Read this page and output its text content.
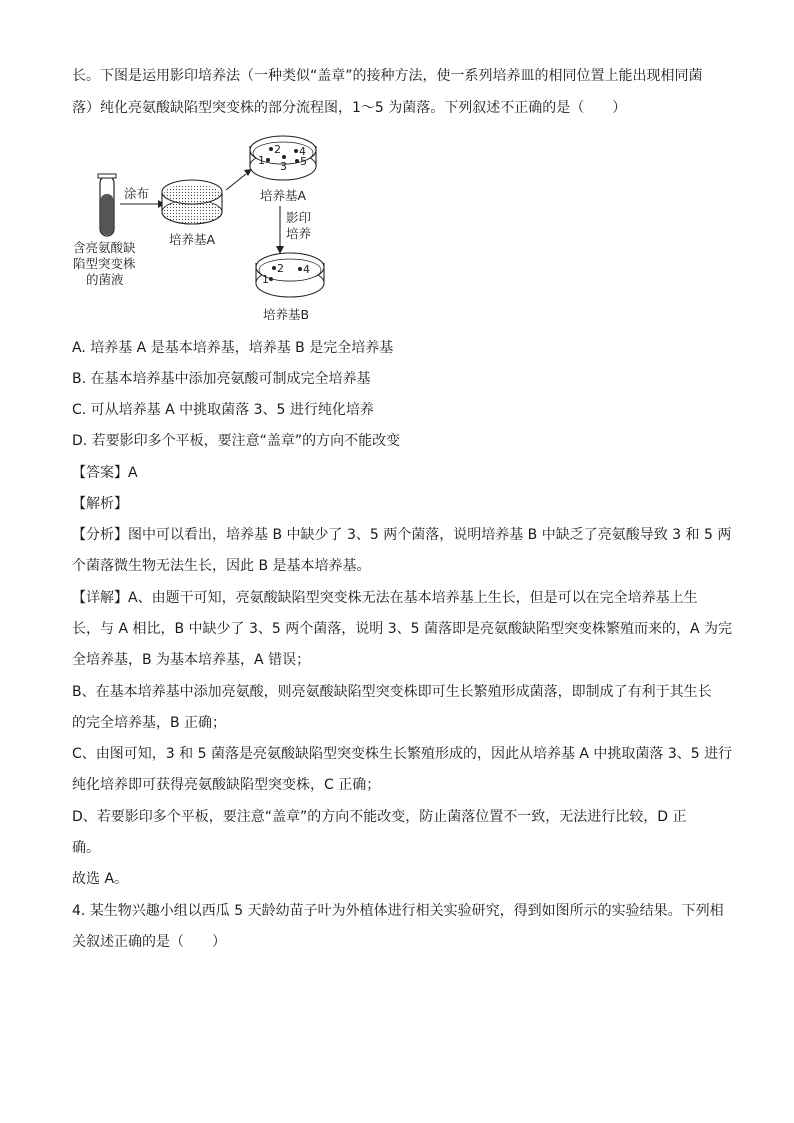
长。下图是运用影印培养法（一种类似“盖章”的接种方法，使一系列培养皿的相同位置上能出现相同菌
落）纯化亮氨酸缺陷型突变株的部分流程图，1～5 为菌落。下列叙述不正确的是（　　）
含亮氨酸缺
陷型突变株
的菌液
涂布
培养基A
1
2
3
4
5
培养基A
影印
培养
1
2 4
培养基B
A. 培养基 A 是基本培养基，培养基 B 是完全培养基
B. 在基本培养基中添加亮氨酸可制成完全培养基
C. 可从培养基 A 中挑取菌落 3、5 进行纯化培养
D. 若要影印多个平板，要注意“盖章”的方向不能改变
【答案】A
【解析】
【分析】图中可以看出，培养基 B 中缺少了 3、5 两个菌落，说明培养基 B 中缺乏了亮氨酸导致 3 和 5 两
个菌落微生物无法生长，因此 B 是基本培养基。
【详解】A、由题干可知，亮氨酸缺陷型突变株无法在基本培养基上生长，但是可以在完全培养基上生
长，与 A 相比，B 中缺少了 3、5 两个菌落，说明 3、5 菌落即是亮氨酸缺陷型突变株繁殖而来的，A 为完
全培养基，B 为基本培养基，A 错误；
B、在基本培养基中添加亮氨酸，则亮氨酸缺陷型突变株即可生长繁殖形成菌落，即制成了有利于其生长
的完全培养基，B 正确；
C、由图可知，3 和 5 菌落是亮氨酸缺陷型突变株生长繁殖形成的，因此从培养基 A 中挑取菌落 3、5 进行
纯化培养即可获得亮氨酸缺陷型突变株，C 正确；
D、若要影印多个平板，要注意“盖章”的方向不能改变，防止菌落位置不一致，无法进行比较，D 正
确。
故选 A。
4. 某生物兴趣小组以西瓜 5 天龄幼苗子叶为外植体进行相关实验研究，得到如图所示的实验结果。下列相
关叙述正确的是（　　）
